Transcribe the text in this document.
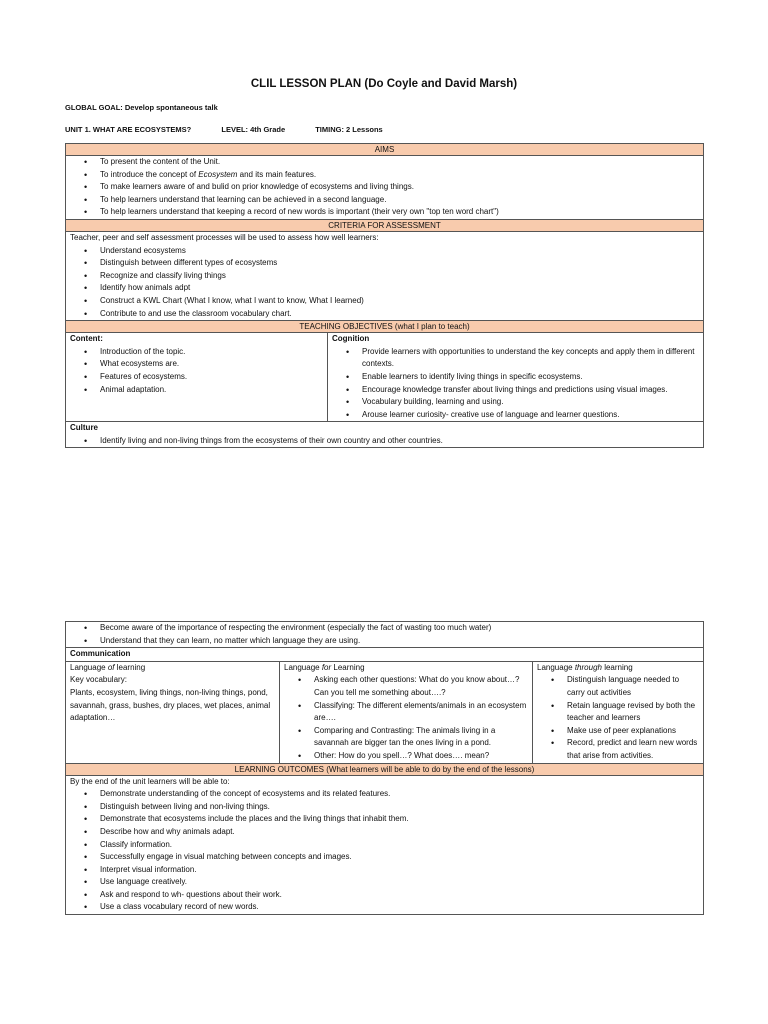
CLIL LESSON PLAN (Do Coyle and David Marsh)
GLOBAL GOAL: Develop spontaneous talk
UNIT 1. WHAT ARE ECOSYSTEMS?	LEVEL: 4th Grade	TIMING: 2 Lessons
AIMS

• To present the content of the Unit.
• To introduce the concept of Ecosystem and its main features.
• To make learners aware of and bulid on prior knowledge of ecosystems and living things.
• To help learners understand that learning can be achieved in a second language.
• To help learners understand that keeping a record of new words is important (their very own "top ten word chart")

CRITERIA FOR ASSESSMENT

Teacher, peer and self assessment processes will be used to assess how well learners:
• Understand ecosystems
• Distinguish between different types of ecosystems
• Recognize and classify living things
• Identify how animals adpt
• Construct a KWL Chart (What I know, what I want to know, What I learned)
• Contribute to and use the classroom vocabulary chart.

TEACHING OBJECTIVES (what I plan to teach)

Content:
• Introduction of the topic.
• What ecosystems are.
• Features of ecosystems.
• Animal adaptation.

Cognition
• Provide learners with opportunities to understand the key concepts and apply them in different contexts.
• Enable learners to identify living things in specific ecosystems.
• Encourage knowledge transfer about living things and predictions using visual images.
• Vocabulary building, learning and using.
• Arouse learner curiosity- creative use of language and learner questions.

Culture
• Identify living and non-living things from the ecosystems of their own country and other countries.
• Become aware of the importance of respecting the environment (especially the fact of wasting too much water)
• Understand that they can learn, no matter which language they are using.

Communication

Language of learning
Key vocabulary:
Plants, ecosystem, living things, non-living things, pond, savannah, grass, bushes, dry places, wet places, animal adaptation…

Language for Learning
• Asking each other questions: What do you know about…? Can you tell me something about….?
• Classifying: The different elements/animals in an ecosystem are….
• Comparing and Contrasting: The animals living in a savannah are bigger tan the ones living in a pond.
• Other: How do you spell…? What does…. mean?

Language through learning
• Distinguish language needed to carry out activities
• Retain language revised by both the teacher and learners
• Make use of peer explanations
• Record, predict and learn new words that arise from activities.

LEARNING OUTCOMES (What learners will be able to do by the end of the lessons)

By the end of the unit learners will be able to:
• Demonstrate understanding of the concept of ecosystems and its related features.
• Distinguish between living and non-living things.
• Demonstrate that ecosystems include the places and the living things that inhabit them.
• Describe how and why animals adapt.
• Classify information.
• Successfully engage in visual matching between concepts and images.
• Interpret visual information.
• Use language creatively.
• Ask and respond to wh- questions about their work.
• Use a class vocabulary record of new words.
